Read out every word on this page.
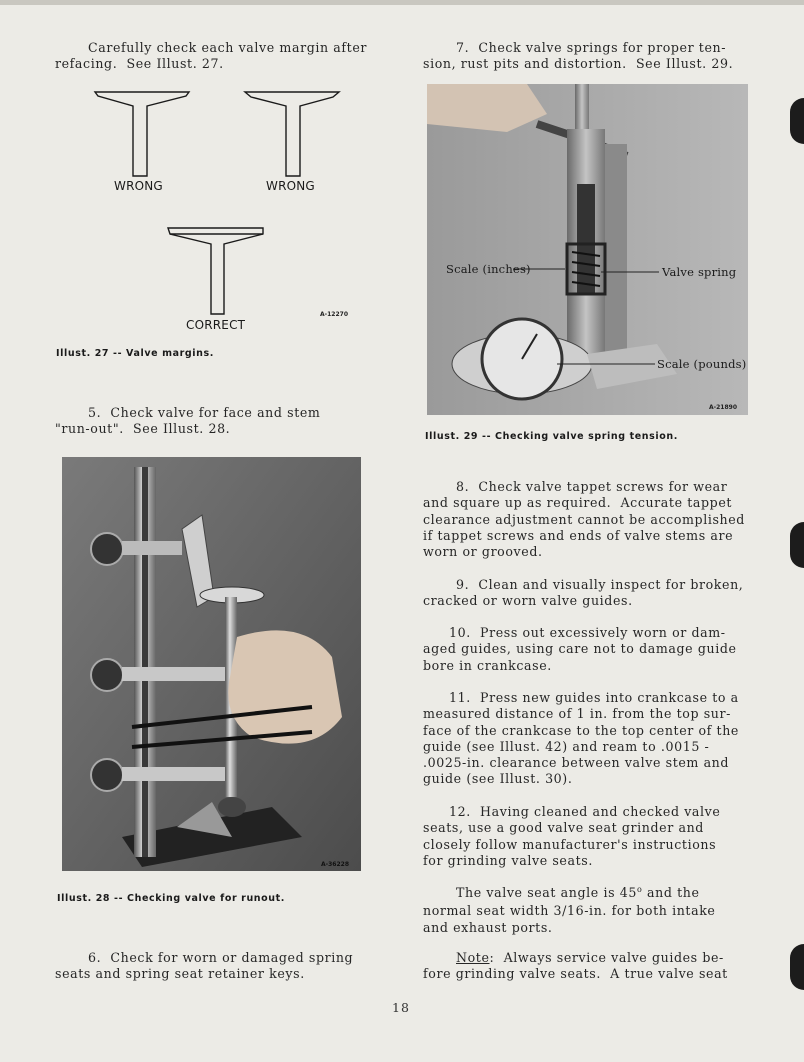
Carefully check each valve margin after
refacing.  See Illust. 27.
WRONG	WRONG
CORRECT
A-12270
Illust. 27 -- Valve margins.
5.  Check valve for face and stem
"run-out".  See Illust. 28.
A-36228
Illust. 28 -- Checking valve for runout.
6.  Check for worn or damaged spring
seats and spring seat retainer keys.
7.  Check valve springs for proper ten-
sion, rust pits and distortion.  See Illust. 29.
Scale (inches)	Valve spring
Scale (pounds)
A-21890
Illust. 29 -- Checking valve spring tension.
8.  Check valve tappet screws for wear
and square up as required.  Accurate tappet
clearance adjustment cannot be accomplished
if tappet screws and ends of valve stems are
worn or grooved.
9.  Clean and visually inspect for broken,
cracked or worn valve guides.
10.  Press out excessively worn or dam-
aged guides, using care not to damage guide
bore in crankcase.
11.  Press new guides into crankcase to a
measured distance of 1 in. from the top sur-
face of the crankcase to the top center of the
guide (see Illust. 42) and ream to .0015 -
.0025-in. clearance between valve stem and
guide (see Illust. 30).
12.  Having cleaned and checked valve
seats, use a good valve seat grinder and
closely follow manufacturer's instructions
for grinding valve seats.
The valve seat angle is 45$^o$ and the
normal seat width 3/16-in. for both intake
and exhaust ports.
Note:  Always service valve guides be-
fore grinding valve seats.  A true valve seat
18
